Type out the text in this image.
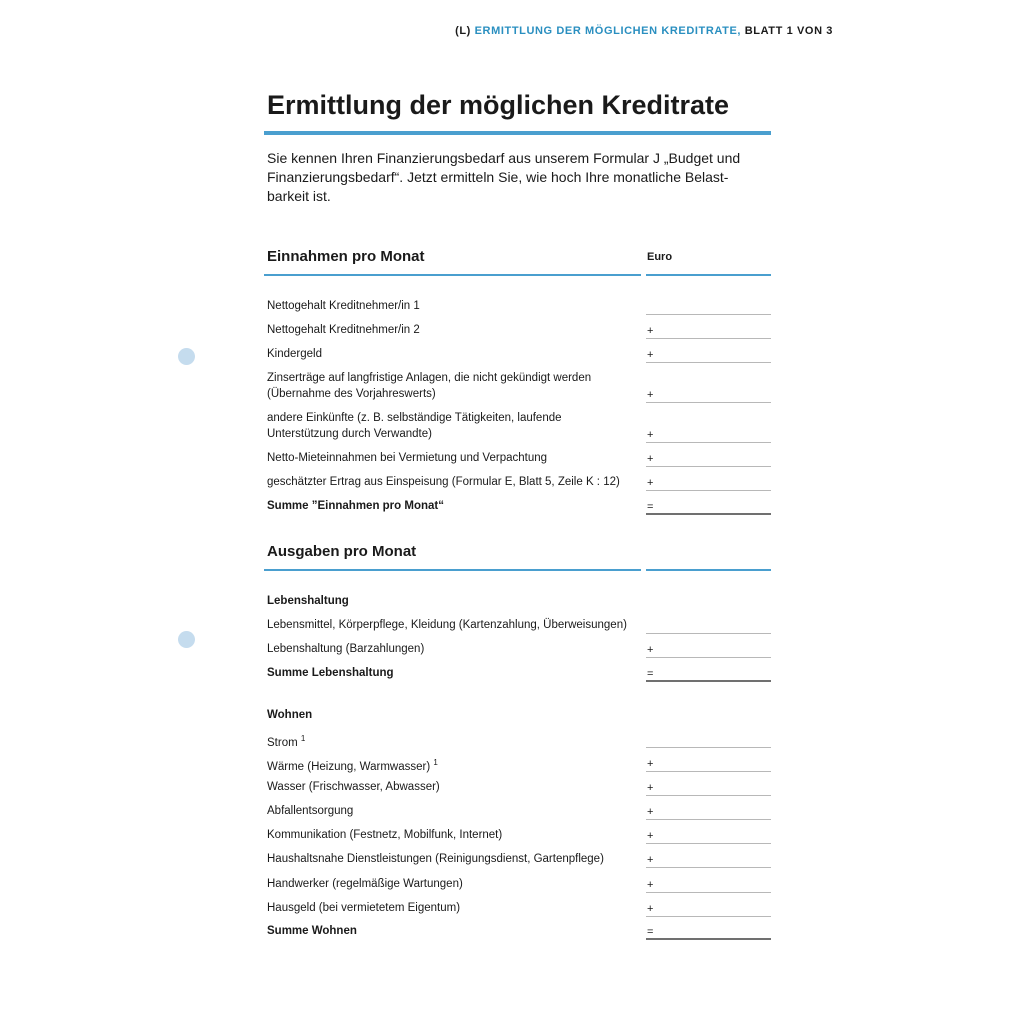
(L) ERMITTLUNG DER MÖGLICHEN KREDITRATE, BLATT 1 VON 3
Ermittlung der möglichen Kreditrate

Sie kennen Ihren Finanzierungsbedarf aus unserem Formular J „Budget und

Finanzierungsbedarf“. Jetzt ermitteln Sie, wie hoch Ihre monatliche Belast-

barkeit ist.

Einnahmen pro Monat	Euro

Nettogehalt Kreditnehmer/in 1

Nettogehalt Kreditnehmer/in 2	+

Kindergeld	+

Zinserträge auf langfristige Anlagen, die nicht gekündigt werden

(Übernahme des Vorjahreswerts)	+

andere Einkünfte (z. B. selbständige Tätigkeiten, laufende

Unterstützung durch Verwandte)	+

Netto-Mieteinnahmen bei Vermietung und Verpachtung	+

geschätzter Ertrag aus Einspeisung (Formular E, Blatt 5, Zeile K : 12) +
Summe ”Einnahmen pro Monat“	=
Ausgaben pro Monat
Lebenshaltung
Lebensmittel, Körperpflege, Kleidung (Kartenzahlung, Überweisungen)
Lebenshaltung (Barzahlungen)	+
Summe Lebenshaltung	=
Wohnen
Strom $^1$
Wärme (Heizung, Warmwasser) $^1$	+
Wasser (Frischwasser, Abwasser)	+
Abfallentsorgung	+
Kommunikation (Festnetz, Mobilfunk, Internet)	+
Haushaltsnahe Dienstleistungen (Reinigungsdienst, Gartenpflege)	+
Handwerker (regelmäßige Wartungen)	+
Hausgeld (bei vermietetem Eigentum)	+
Summe Wohnen	=
